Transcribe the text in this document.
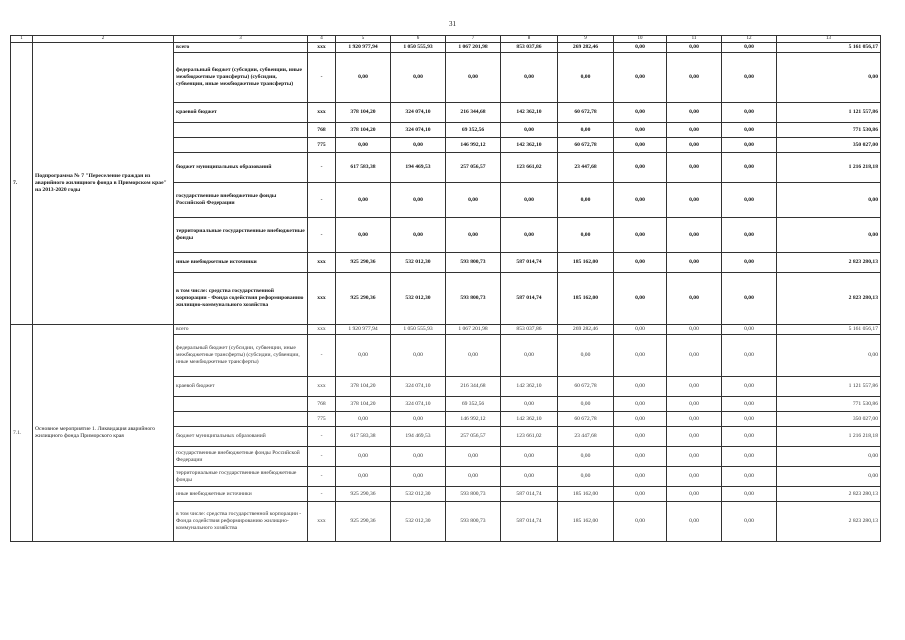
31
1	2	3	4	5	6	7	8	9	10	11	12	13
7.	Подпрограмма № 7 "Переселение граждан из аварийного жилищного фонда в Приморском крае" на 2013-2020 годы	всего	ххх	1 920 977,94	1 050 555,93	1 067 201,98	853 037,86	269 282,46	0,00	0,00	0,00	5 161 056,17
		федеральный бюджет (субсидии, субвенции, иные межбюджетные трансферты) (субсидии, субвенции, иные межбюджетные трансферты)	-	0,00	0,00	0,00	0,00	0,00	0,00	0,00	0,00	0,00
		краевой бюджет	ххх	378 104,20	324 074,10	216 344,68	142 362,10	60 672,78	0,00	0,00	0,00	1 121 557,86
			768	378 104,20	324 074,10	69 352,56	0,00	0,00	0,00	0,00	0,00	771 530,86
			775	0,00	0,00	146 992,12	142 362,10	60 672,78	0,00	0,00	0,00	350 027,00
		бюджет муниципальных образований	-	617 583,38	194 469,53	257 056,57	123 661,02	23 447,68	0,00	0,00	0,00	1 216 218,18
		государственные внебюджетные фонды Российской Федерации	-	0,00	0,00	0,00	0,00	0,00	0,00	0,00	0,00	0,00
		территориальные государственные внебюджетные фонды	-	0,00	0,00	0,00	0,00	0,00	0,00	0,00	0,00	0,00
		иные внебюджетные источники	ххх	925 290,36	532 012,30	593 800,73	587 014,74	185 162,00	0,00	0,00	0,00	2 823 280,13
		в том числе: средства государственной корпорации - Фонда содействия реформированию жилищно-коммунального хозяйства	ххх	925 290,36	532 012,30	593 800,73	587 014,74	185 162,00	0,00	0,00	0,00	2 823 280,13
7.1.	Основное мероприятие 1. Ликвидация аварийного жилищного фонда Приморского края	всего	ххх	1 920 977,94	1 050 555,93	1 067 201,98	853 037,86	269 282,46	0,00	0,00	0,00	5 161 056,17
		федеральный бюджет (субсидии, субвенции, иные межбюджетные трансферты) (субсидии, субвенции, иные межбюджетные трансферты)	-	0,00	0,00	0,00	0,00	0,00	0,00	0,00	0,00	0,00
		краевой бюджет	ххх	378 104,20	324 074,10	216 344,68	142 362,10	60 672,78	0,00	0,00	0,00	1 121 557,86
			768	378 104,20	324 074,10	69 352,56	0,00	0,00	0,00	0,00	0,00	771 530,86
			775	0,00	0,00	146 992,12	142 362,10	60 672,78	0,00	0,00	0,00	350 027,00
		бюджет муниципальных образований	-	617 583,38	194 469,53	257 056,57	123 661,02	23 447,68	0,00	0,00	0,00	1 216 218,18
		государственные внебюджетные фонды Российской Федерации	-	0,00	0,00	0,00	0,00	0,00	0,00	0,00	0,00	0,00
		территориальные государственные внебюджетные фонды	-	0,00	0,00	0,00	0,00	0,00	0,00	0,00	0,00	0,00
		иные внебюджетные источники	-	925 290,36	532 012,30	593 800,73	587 014,74	185 162,00	0,00	0,00	0,00	2 823 280,13
		в том числе: средства государственной корпорации - Фонда содействия реформированию жилищно-коммунального хозяйства	ххх	925 290,36	532 012,30	593 800,73	587 014,74	185 162,00	0,00	0,00	0,00	2 823 280,13
